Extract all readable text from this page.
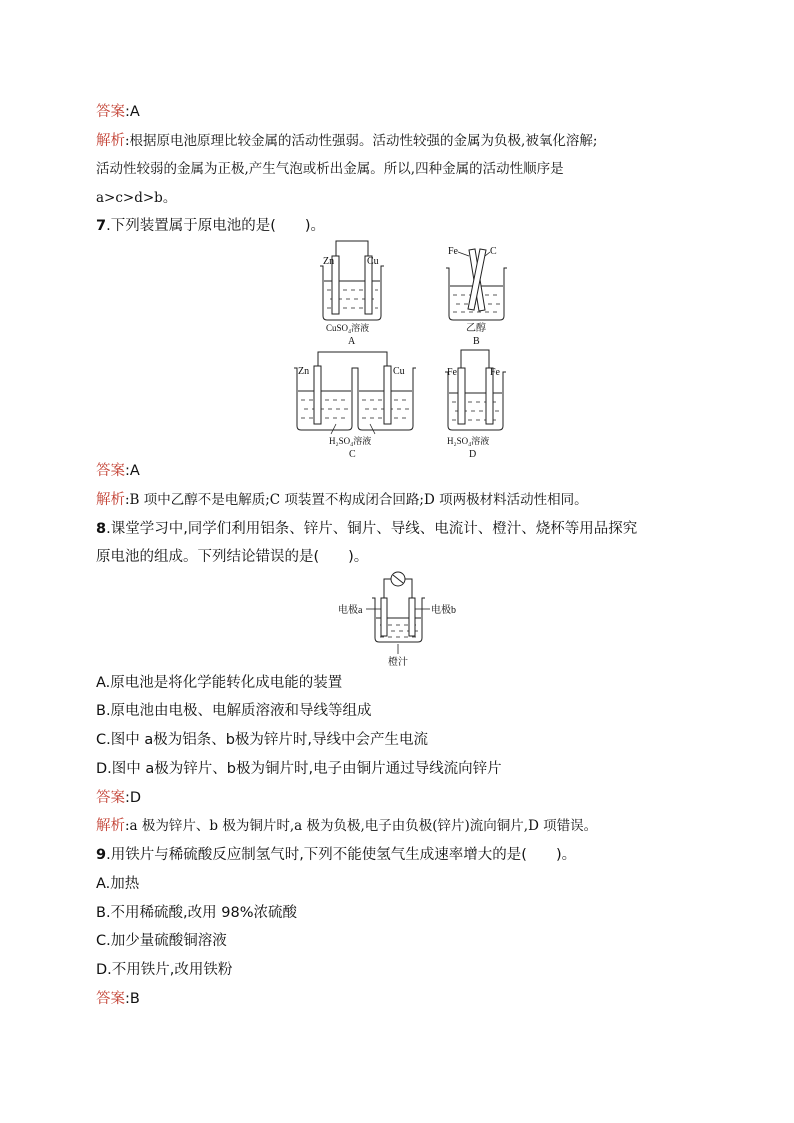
答案:A
解析:根据原电池原理比较金属的活动性强弱。活动性较强的金属为负极,被氧化溶解;
活动性较弱的金属为正极,产生气泡或析出金属。所以,四种金属的活动性顺序是
a>c>d>b。
7.下列装置属于原电池的是(　　)。
Zn	Cu
CuSO₄溶液
A
Fe	C
乙醇
B
Zn	Cu
H₂SO₄溶液
C
Fe	Fe
H₂SO₄溶液
D
答案:A
解析:B 项中乙醇不是电解质;C 项装置不构成闭合回路;D 项两极材料活动性相同。
8.课堂学习中,同学们利用铝条、锌片、铜片、导线、电流计、橙汁、烧杯等用品探究
原电池的组成。下列结论错误的是(　　)。
电极a	电极b
橙汁
A.原电池是将化学能转化成电能的装置
B.原电池由电极、电解质溶液和导线等组成
C.图中 a极为铝条、b极为锌片时,导线中会产生电流
D.图中 a极为锌片、b极为铜片时,电子由铜片通过导线流向锌片
答案:D
解析:a 极为锌片、b 极为铜片时,a 极为负极,电子由负极(锌片)流向铜片,D 项错误。
9.用铁片与稀硫酸反应制氢气时,下列不能使氢气生成速率增大的是(　　)。
A.加热
B.不用稀硫酸,改用 98%浓硫酸
C.加少量硫酸铜溶液
D.不用铁片,改用铁粉
答案:B
